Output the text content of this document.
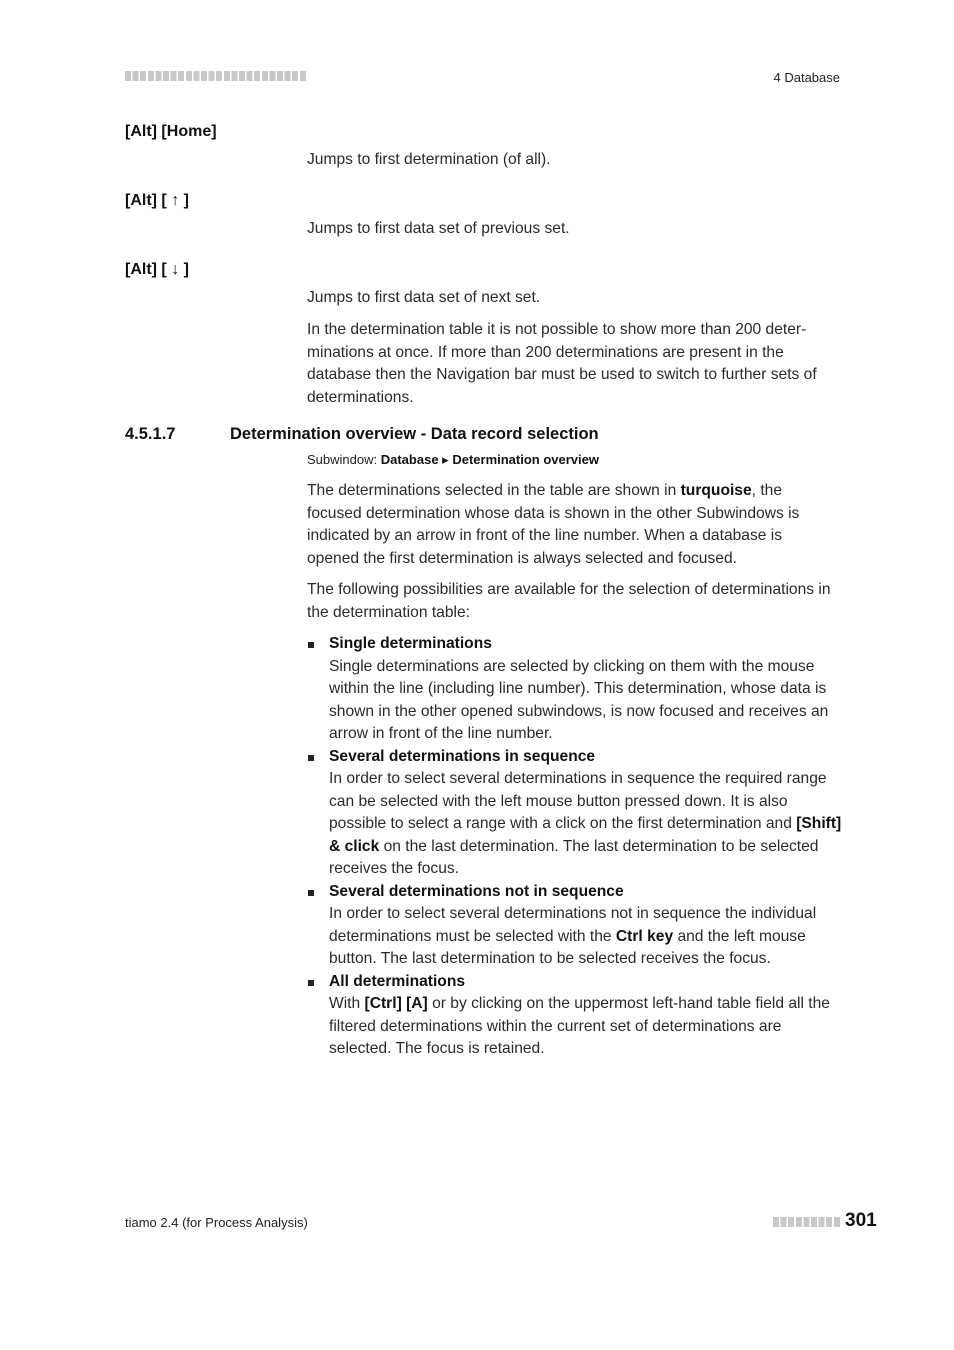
4 Database
[Alt] [Home]
Jumps to first determination (of all).
[Alt] [ ↑ ]
Jumps to first data set of previous set.
[Alt] [ ↓ ]
Jumps to first data set of next set.

In the determination table it is not possible to show more than 200 deter-minations at once. If more than 200 determinations are present in the database then the Navigation bar must be used to switch to further sets of determinations.

4.5.1.7	Determination overview - Data record selection
Subwindow: Database ▸ Determination overview

The determinations selected in the table are shown in turquoise, the focused determination whose data is shown in the other Subwindows is indicated by an arrow in front of the line number. When a database is opened the first determination is always selected and focused.

The following possibilities are available for the selection of determinations in the determination table:

Single determinations
Single determinations are selected by clicking on them with the mouse within the line (including line number). This determination, whose data is shown in the other opened subwindows, is now focused and receives an arrow in front of the line number.
Several determinations in sequence
In order to select several determinations in sequence the required range can be selected with the left mouse button pressed down. It is also possible to select a range with a click on the first determination and [Shift] & click on the last determination. The last determination to be selected receives the focus.
Several determinations not in sequence
In order to select several determinations not in sequence the individual determinations must be selected with the Ctrl key and the left mouse button. The last determination to be selected receives the focus.
All determinations
With [Ctrl] [A] or by clicking on the uppermost left-hand table field all the filtered determinations within the current set of determinations are selected. The focus is retained.
tiamo 2.4 (for Process Analysis)	301
